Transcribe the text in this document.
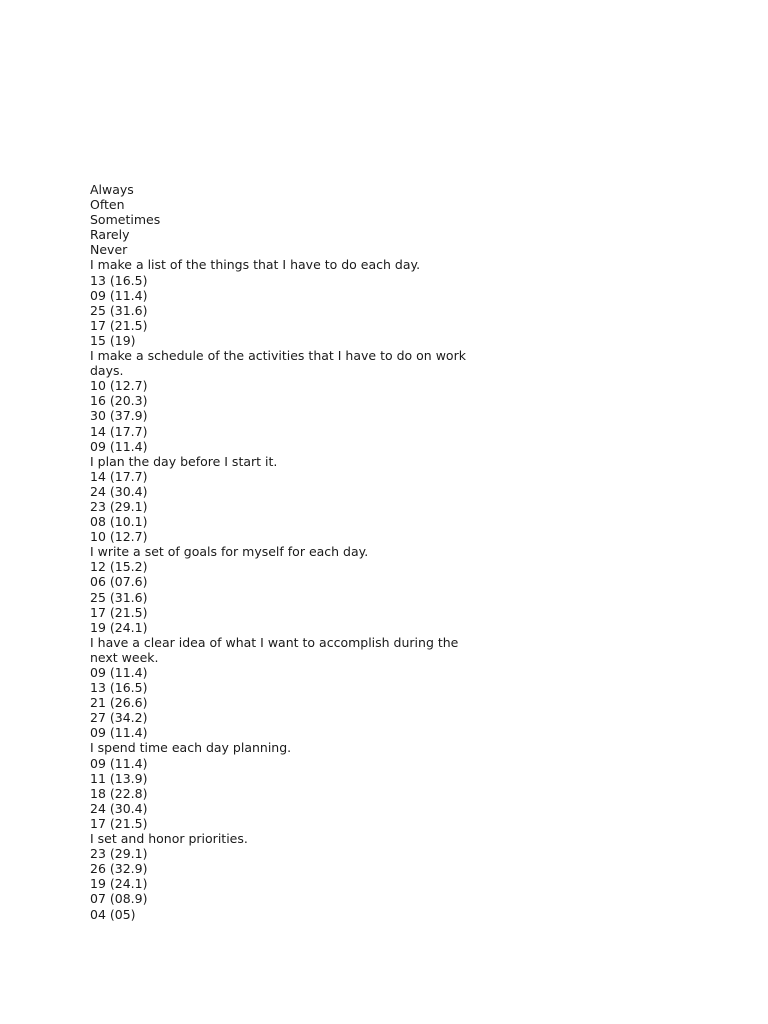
Always
Often
Sometimes
Rarely
Never
I make a list of the things that I have to do each day.
13 (16.5)
09 (11.4)
25 (31.6)
17 (21.5)
15 (19)
I make a schedule of the activities that I have to do on work days.
10 (12.7)
16 (20.3)
30 (37.9)
14 (17.7)
09 (11.4)
I plan the day before I start it.
14 (17.7)
24 (30.4)
23 (29.1)
08 (10.1)
10 (12.7)
I write a set of goals for myself for each day.
12 (15.2)
06 (07.6)
25 (31.6)
17 (21.5)
19 (24.1)
I have a clear idea of what I want to accomplish during the next week.
09 (11.4)
13 (16.5)
21 (26.6)
27 (34.2)
09 (11.4)
I spend time each day planning.
09 (11.4)
11 (13.9)
18 (22.8)
24 (30.4)
17 (21.5)
I set and honor priorities.
23 (29.1)
26 (32.9)
19 (24.1)
07 (08.9)
04 (05)
